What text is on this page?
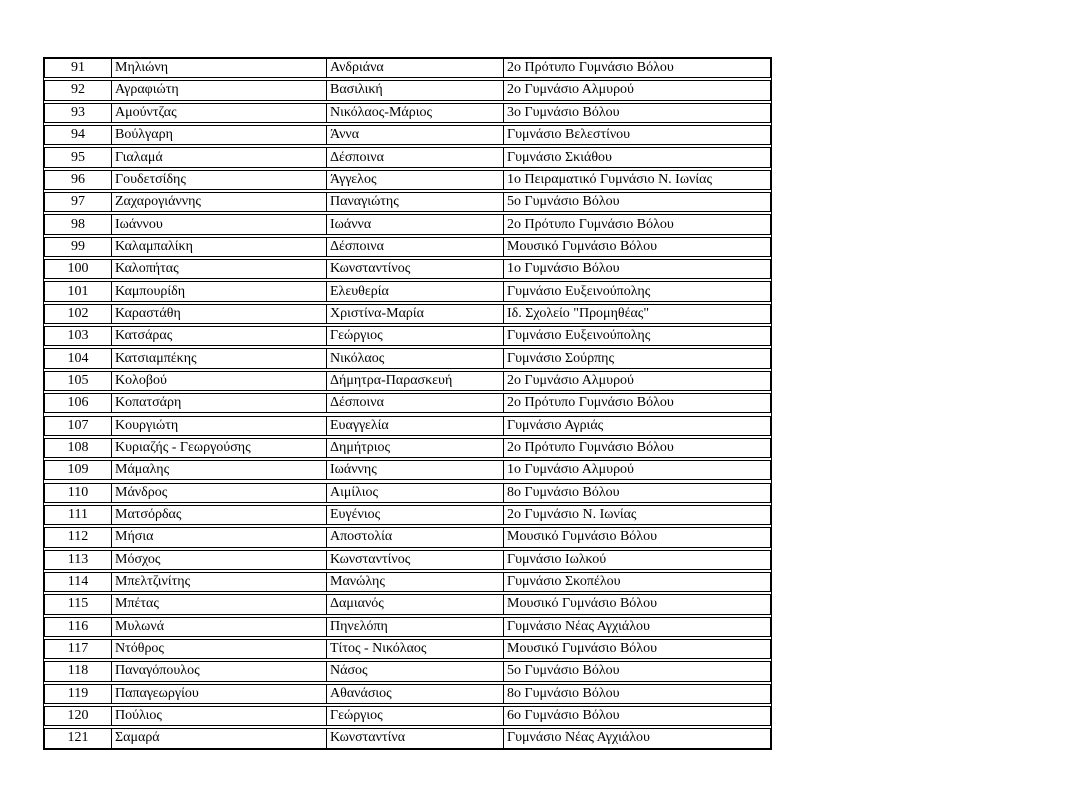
91	Μηλιώνη	Ανδριάνα	2ο Πρότυπο Γυμνάσιο Βόλου
92	Αγραφιώτη	Βασιλική	2ο Γυμνάσιο Αλμυρού
93	Αμούντζας	Νικόλαος-Μάριος	3ο Γυμνάσιο Βόλου
94	Βούλγαρη	Άννα	Γυμνάσιο Βελεστίνου
95	Γιαλαμά	Δέσποινα	Γυμνάσιο Σκιάθου
96	Γουδετσίδης	Άγγελος	1ο Πειραματικό Γυμνάσιο Ν. Ιωνίας
97	Ζαχαρογιάννης	Παναγιώτης	5ο Γυμνάσιο Βόλου
98	Ιωάννου	Ιωάννα	2ο Πρότυπο Γυμνάσιο Βόλου
99	Καλαμπαλίκη	Δέσποινα	Μουσικό Γυμνάσιο Βόλου
100	Καλοπήτας	Κωνσταντίνος	1ο Γυμνάσιο Βόλου
101	Καμπουρίδη	Ελευθερία	Γυμνάσιο Ευξεινούπολης
102	Καραστάθη	Χριστίνα-Μαρία	Ιδ. Σχολείο "Προμηθέας"
103	Κατσάρας	Γεώργιος	Γυμνάσιο Ευξεινούπολης
104	Κατσιαμπέκης	Νικόλαος	Γυμνάσιο Σούρπης
105	Κολοβού	Δήμητρα-Παρασκευή	2ο Γυμνάσιο Αλμυρού
106	Κοπατσάρη	Δέσποινα	2ο Πρότυπο Γυμνάσιο Βόλου
107	Κουργιώτη	Ευαγγελία	Γυμνάσιο Αγριάς
108	Κυριαζής - Γεωργούσης	Δημήτριος	2ο Πρότυπο Γυμνάσιο Βόλου
109	Μάμαλης	Ιωάννης	1ο Γυμνάσιο Αλμυρού
110	Μάνδρος	Αιμίλιος	8ο Γυμνάσιο Βόλου
111	Ματσόρδας	Ευγένιος	2ο Γυμνάσιο Ν. Ιωνίας
112	Μήσια	Αποστολία	Μουσικό Γυμνάσιο Βόλου
113	Μόσχος	Κωνσταντίνος	Γυμνάσιο Ιωλκού
114	Μπελτζινίτης	Μανώλης	Γυμνάσιο Σκοπέλου
115	Μπέτας	Δαμιανός	Μουσικό Γυμνάσιο Βόλου
116	Μυλωνά	Πηνελόπη	Γυμνάσιο Νέας Αγχιάλου
117	Ντόθρος	Τίτος - Νικόλαος	Μουσικό Γυμνάσιο Βόλου
118	Παναγόπουλος	Νάσος	5ο Γυμνάσιο Βόλου
119	Παπαγεωργίου	Αθανάσιος	8ο Γυμνάσιο Βόλου
120	Πούλιος	Γεώργιος	6ο Γυμνάσιο Βόλου
121	Σαμαρά	Κωνσταντίνα	Γυμνάσιο Νέας Αγχιάλου
